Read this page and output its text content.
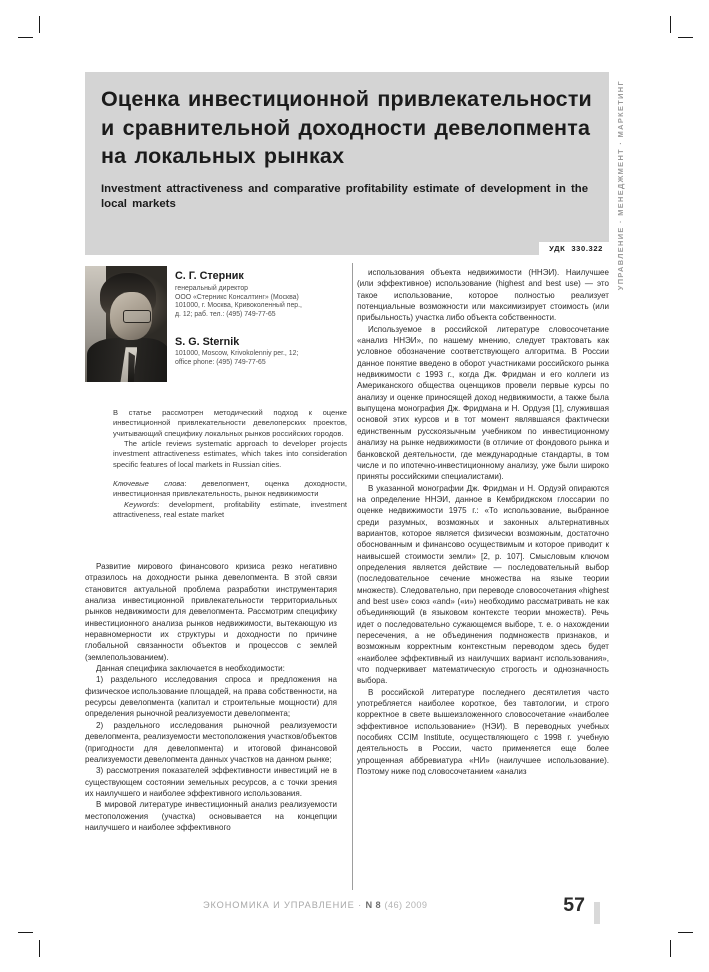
УПРАВЛЕНИЕ · МЕНЕДЖМЕНТ · МАРКЕТИНГ
Оценка инвестиционной привлекательности и сравнительной доходности девелопмента на локальных рынках
Investment attractiveness and comparative profitability estimate of development in the local markets
УДК 330.322
С. Г. Стерник
генеральный директор
ООО «Стерникс Консалтинг» (Москва)
101000, г. Москва, Кривоколенный пер.,
д. 12; раб. тел.: (495) 749-77-65
S. G. Sternik
101000, Moscow, Krivokolenniy per., 12;
office phone: (495) 749-77-65

В статье рассмотрен методический подход к оценке инвестиционной привлекательности девелоперских проектов, учитывающий специфику локальных рынков российских городов.

The article reviews systematic approach to developer projects investment attractiveness estimates, which takes into consideration specific features of local markets in Russian cities.

Ключевые слова: девелопмент, оценка доходности, инвестиционная привлекательность, рынок недвижимости

Keywords: development, profitability estimate, investment attractiveness, real estate market

Развитие мирового финансового кризиса резко негативно отразилось на доходности рынка девелопмента. В этой связи становится актуальной проблема разработки инструментария анализа инвестиционной привлекательности территориальных рынков недвижимости для девелопмента. Рассмотрим специфику инвестиционного анализа рынков недвижимости, вытекающую из неравномерности их структуры и доходности по причине глобальной связанности объектов и процессов с землей (землепользованием).

Данная специфика заключается в необходимости:

1) раздельного исследования спроса и предложения на физическое использование площадей, на права собственности, на ресурсы девелопмента (капитал и строительные мощности) для определения рыночной реализуемости девелопмента;

2) раздельного исследования рыночной реализуемости девелопмента, реализуемости местоположения участков/объектов (пригодности для девелопмента) и итоговой финансовой реализуемости девелопмента данных участков на данном рынке;

3) рассмотрения показателей эффективности инвестиций не в существующем состоянии земельных ресурсов, а с точки зрения их наилучшего и наиболее эффективного использования.

В мировой литературе инвестиционный анализ реализуемости местоположения (участка) основывается на концепции наилучшего и наиболее эффективного

использования объекта недвижимости (ННЭИ). Наилучшее (или эффективное) использование (highest and best use) — это такое использование, которое полностью реализует потенциальные возможности или максимизирует стоимость (или прибыльность) участка либо объекта собственности.

Используемое в российской литературе словосочетание «анализ ННЭИ», по нашему мнению, следует трактовать как условное обозначение соответствующего алгоритма. В России данное понятие введено в оборот участниками российского рынка недвижимости с 1993 г., когда Дж. Фридман и его коллеги из Американского общества оценщиков провели первые курсы по анализу и оценке приносящей доход недвижимости, а также была выпущена монография Дж. Фридмана и Н. Ордуэя [1], служившая основой этих курсов и в тот момент являвшаяся фактически единственным русскоязычным учебником по инвестиционному анализу на рынке недвижимости (в отличие от фондового рынка и банковской деятельности, где международные стандарты, в том числе и по ипотечно-инвестиционному анализу, уже были широко приняты российскими специалистами).

В указанной монографии Дж. Фридман и Н. Ордуэй опираются на определение ННЭИ, данное в Кембриджском глоссарии по оценке недвижимости 1975 г.: «То использование, выбранное среди разумных, возможных и законных альтернативных вариантов, которое является физически возможным, достаточно обоснованным и финансово осуществимым и которое приводит к наивысшей стоимости земли» [2, p. 107]. Смысловым ключом определения является действие — последовательный выбор (последовательное сечение множества на языке теории множеств). Следовательно, при переводе словосочетания «highest and best use» союз «and» («и») необходимо рассматривать не как объединяющий (в языковом контексте теории множеств). Речь идет о последовательно сужающемся выборе, т. е. о нахождении пересечения, а не объединения подмножеств признаков, и возможным корректным контекстным переводом здесь будет «наиболее эффективный из наилучших вариант использования», что подчеркивает математическую строгость и однозначность выбора.

В российской литературе последнего десятилетия часто употребляется наиболее короткое, без тавтологии, и строго корректное в свете вышеизложенного словосочетание «наиболее эффективное использование» (НЭИ). В переводных учебных пособиях CCIM Institute, осуществляющего с 1998 г. учебную деятельность в России, часто применяется еще более упрощенная аббревиатура «НИ» (наилучшее использование). Поэтому ниже под словосочетанием «анализ

ЭКОНОМИКА И УПРАВЛЕНИЕ · N 8 (46) 2009	57
